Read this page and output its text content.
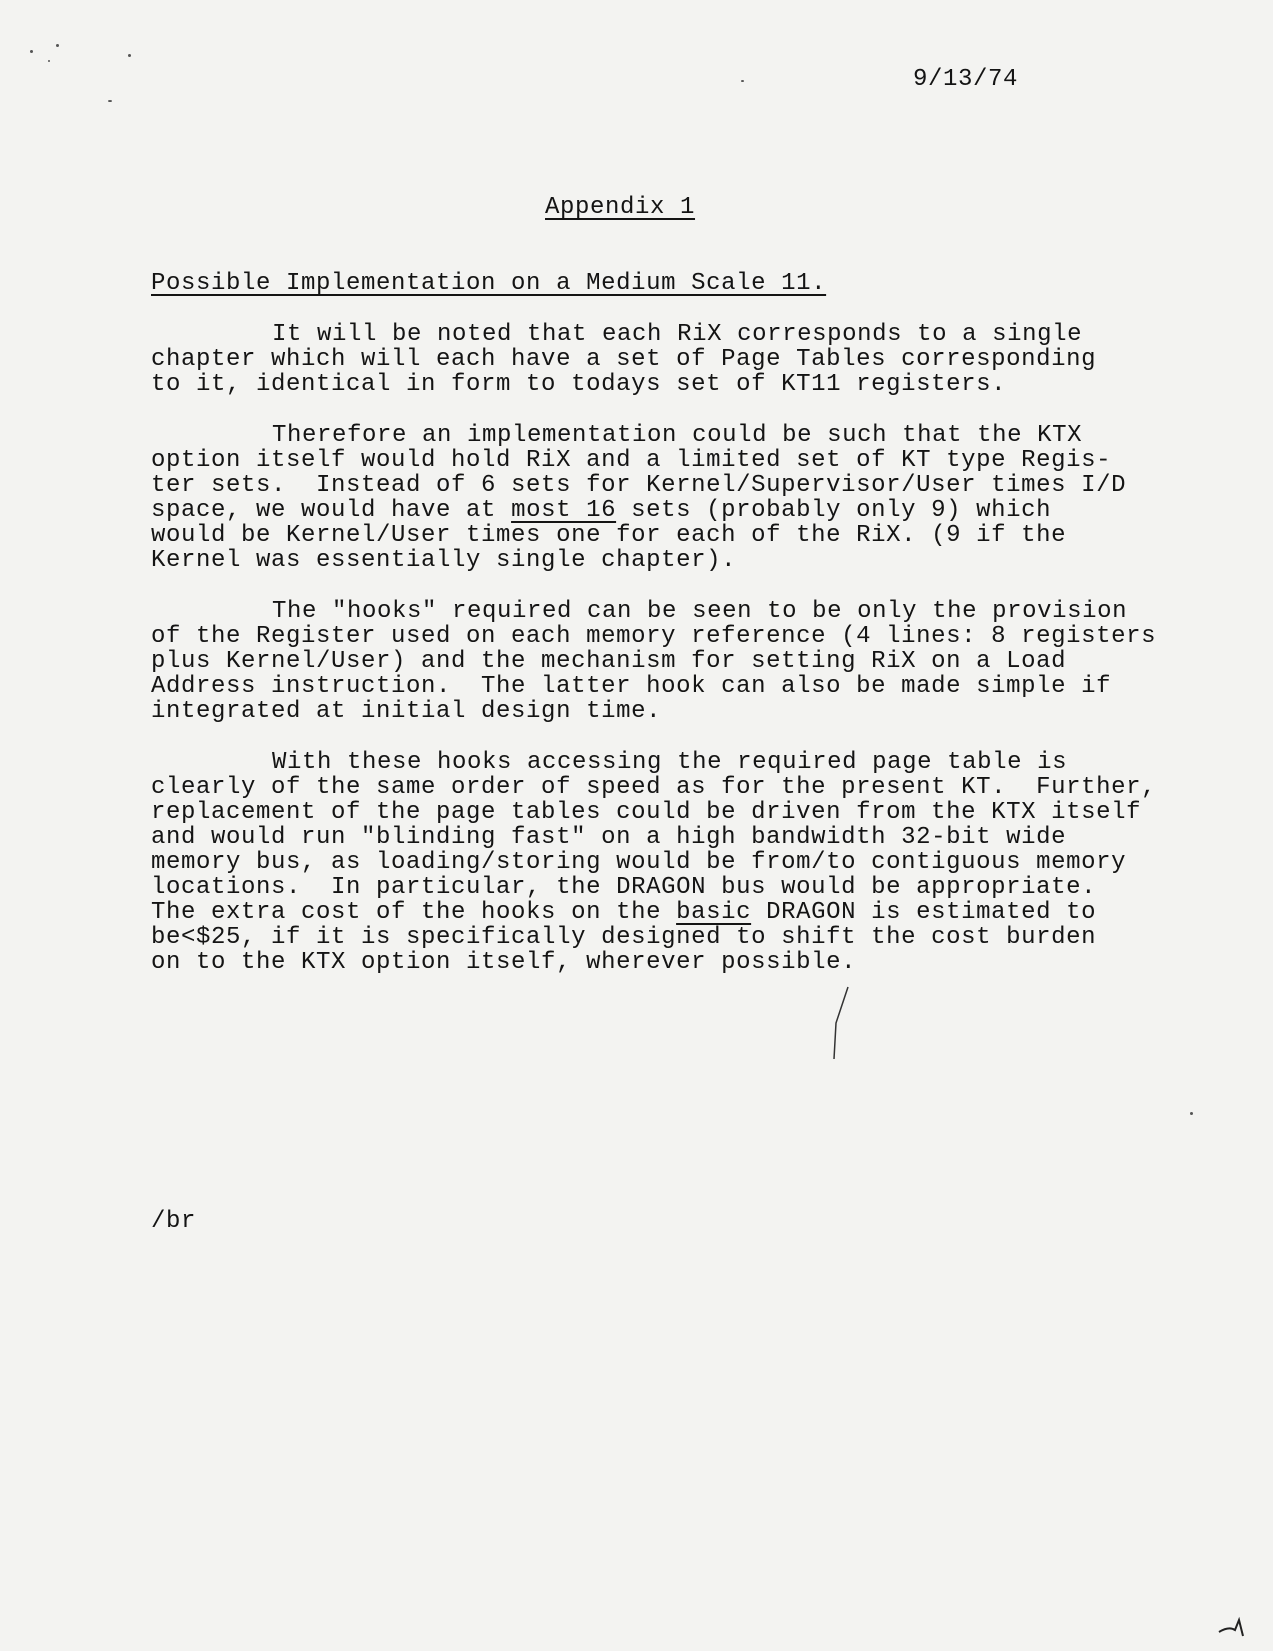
9/13/74
Appendix 1
Possible Implementation on a Medium Scale 11.
It will be noted that each RiX corresponds to a single
chapter which will each have a set of Page Tables corresponding
to it, identical in form to todays set of KT11 registers.
Therefore an implementation could be such that the KTX
option itself would hold RiX and a limited set of KT type Regis-
ter sets.  Instead of 6 sets for Kernel/Supervisor/User times I/D
space, we would have at most 16 sets (probably only 9) which
would be Kernel/User times one for each of the RiX. (9 if the
Kernel was essentially single chapter).
The "hooks" required can be seen to be only the provision
of the Register used on each memory reference (4 lines: 8 registers
plus Kernel/User) and the mechanism for setting RiX on a Load
Address instruction.  The latter hook can also be made simple if
integrated at initial design time.
With these hooks accessing the required page table is
clearly of the same order of speed as for the present KT.  Further,
replacement of the page tables could be driven from the KTX itself
and would run "blinding fast" on a high bandwidth 32-bit wide
memory bus, as loading/storing would be from/to contiguous memory
locations.  In particular, the DRAGON bus would be appropriate.
The extra cost of the hooks on the basic DRAGON is estimated to
be<$25, if it is specifically designed to shift the cost burden
on to the KTX option itself, wherever possible.
/br
